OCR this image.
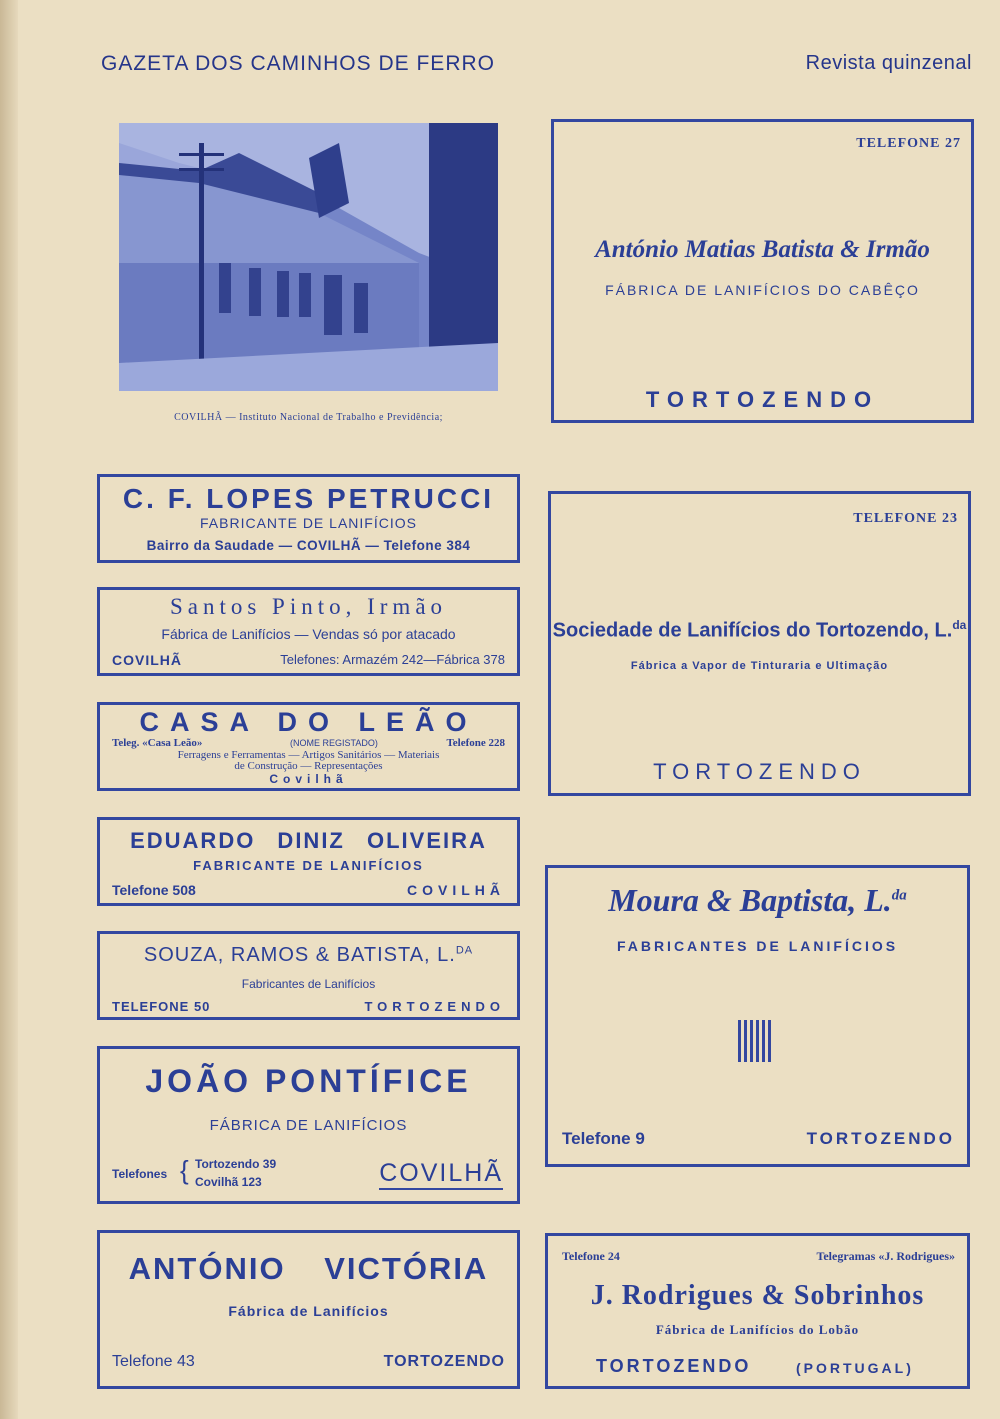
GAZETA DOS CAMINHOS DE FERRO	Revista quinzenal
COVILHÃ — Instituto Nacional de Trabalho e Previdência;
C. F. LOPES PETRUCCI
FABRICANTE DE LANIFÍCIOS
Bairro da Saudade — COVILHÃ — Telefone 384
Santos Pinto, Irmão
Fábrica de Lanifícios — Vendas só por atacado
COVILHÃ	Telefones: Armazém 242—Fábrica 378
CASA DO LEÃO
Teleg. «Casa Leão»	(NOME REGISTADO)	Telefone 228
Ferragens e Ferramentas — Artigos Sanitários — Materiais
de Construção — Representações
Covilhã
EDUARDO DINIZ OLIVEIRA
FABRICANTE DE LANIFÍCIOS
Telefone 508	COVILHÃ
SOUZA, RAMOS & BATISTA, L.$^{DA}$
Fabricantes de Lanifícios
TELEFONE 50	TORTOZENDO
JOÃO PONTÍFICE
FÁBRICA DE LANIFÍCIOS
Telefones { Tortozendo 39
Covilhã 123	COVILHÃ
ANTÓNIO VICTÓRIA
Fábrica de Lanifícios
Telefone 43	TORTOZENDO
TELEFONE 27
António Matias Batista & Irmão
FÁBRICA DE LANIFÍCIOS DO CABÊÇO
TORTOZENDO
TELEFONE 23
Sociedade de Lanifícios do Tortozendo, L.$^{da}$
Fábrica a Vapor de Tinturaria e Ultimação
TORTOZENDO
Moura & Baptista, L.$^{da}$
FABRICANTES DE LANIFÍCIOS
Telefone 9	TORTOZENDO
Telefone 24	Telegramas «J. Rodrigues»
J. Rodrigues & Sobrinhos
Fábrica de Lanifícios do Lobão
TORTOZENDO	(PORTUGAL)
